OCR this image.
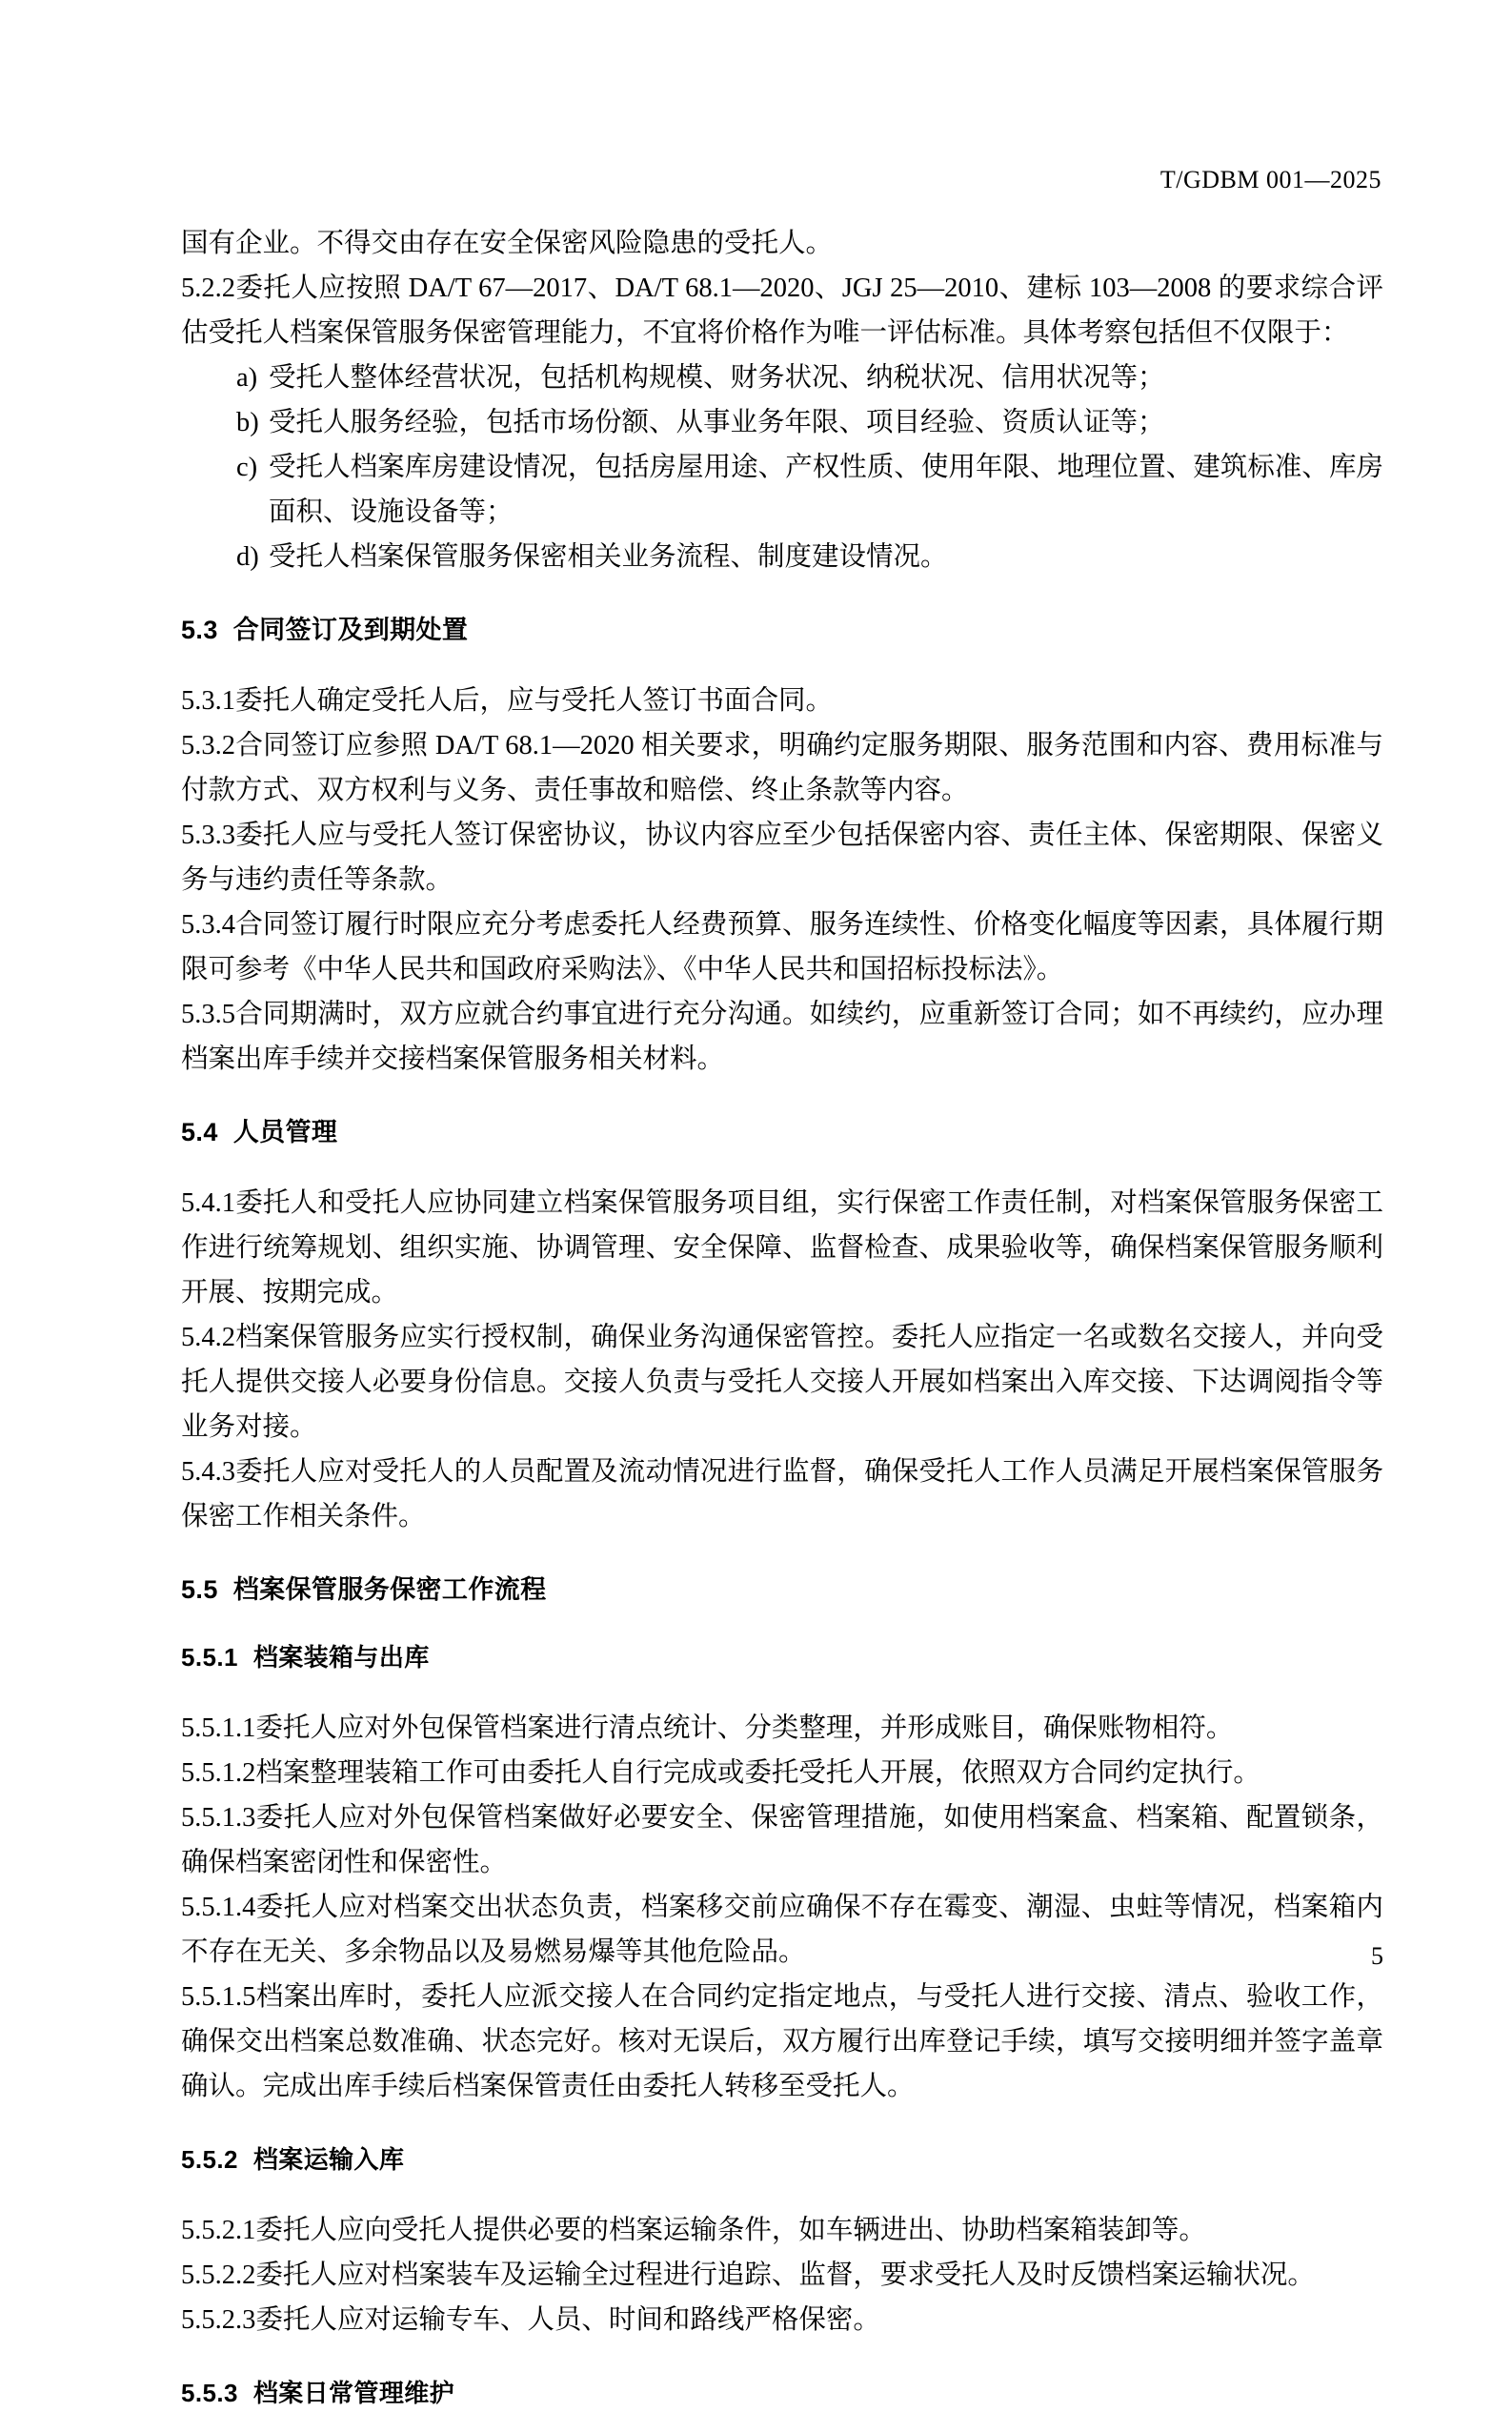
T/GDBM 001—2025

国有企业。不得交由存在安全保密风险隐患的受托人。

5.2.2委托人应按照 DA/T 67—2017、DA/T 68.1—2020、JGJ 25—2010、建标 103—2008 的要求综合评估受托人档案保管服务保密管理能力，不宜将价格作为唯一评估标准。具体考察包括但不仅限于：

a) 受托人整体经营状况，包括机构规模、财务状况、纳税状况、信用状况等；
b) 受托人服务经验，包括市场份额、从事业务年限、项目经验、资质认证等；
c) 受托人档案库房建设情况，包括房屋用途、产权性质、使用年限、地理位置、建筑标准、库房面积、设施设备等；
d) 受托人档案保管服务保密相关业务流程、制度建设情况。

5.3 合同签订及到期处置

5.3.1委托人确定受托人后，应与受托人签订书面合同。

5.3.2合同签订应参照 DA/T 68.1—2020 相关要求，明确约定服务期限、服务范围和内容、费用标准与付款方式、双方权利与义务、责任事故和赔偿、终止条款等内容。

5.3.3委托人应与受托人签订保密协议，协议内容应至少包括保密内容、责任主体、保密期限、保密义务与违约责任等条款。

5.3.4合同签订履行时限应充分考虑委托人经费预算、服务连续性、价格变化幅度等因素，具体履行期限可参考《中华人民共和国政府采购法》、《中华人民共和国招标投标法》。

5.3.5合同期满时，双方应就合约事宜进行充分沟通。如续约，应重新签订合同；如不再续约，应办理档案出库手续并交接档案保管服务相关材料。

5.4 人员管理

5.4.1委托人和受托人应协同建立档案保管服务项目组，实行保密工作责任制，对档案保管服务保密工作进行统筹规划、组织实施、协调管理、安全保障、监督检查、成果验收等，确保档案保管服务顺利开展、按期完成。

5.4.2档案保管服务应实行授权制，确保业务沟通保密管控。委托人应指定一名或数名交接人，并向受托人提供交接人必要身份信息。交接人负责与受托人交接人开展如档案出入库交接、下达调阅指令等业务对接。

5.4.3委托人应对受托人的人员配置及流动情况进行监督，确保受托人工作人员满足开展档案保管服务保密工作相关条件。

5.5 档案保管服务保密工作流程

5.5.1 档案装箱与出库

5.5.1.1委托人应对外包保管档案进行清点统计、分类整理，并形成账目，确保账物相符。

5.5.1.2档案整理装箱工作可由委托人自行完成或委托受托人开展，依照双方合同约定执行。

5.5.1.3委托人应对外包保管档案做好必要安全、保密管理措施，如使用档案盒、档案箱、配置锁条，确保档案密闭性和保密性。

5.5.1.4委托人应对档案交出状态负责，档案移交前应确保不存在霉变、潮湿、虫蛀等情况，档案箱内不存在无关、多余物品以及易燃易爆等其他危险品。

5.5.1.5档案出库时，委托人应派交接人在合同约定指定地点，与受托人进行交接、清点、验收工作，确保交出档案总数准确、状态完好。核对无误后，双方履行出库登记手续，填写交接明细并签字盖章确认。完成出库手续后档案保管责任由委托人转移至受托人。

5.5.2 档案运输入库

5.5.2.1委托人应向受托人提供必要的档案运输条件，如车辆进出、协助档案箱装卸等。

5.5.2.2委托人应对档案装车及运输全过程进行追踪、监督，要求受托人及时反馈档案运输状况。

5.5.2.3委托人应对运输专车、人员、时间和路线严格保密。

5.5.3 档案日常管理维护

5
